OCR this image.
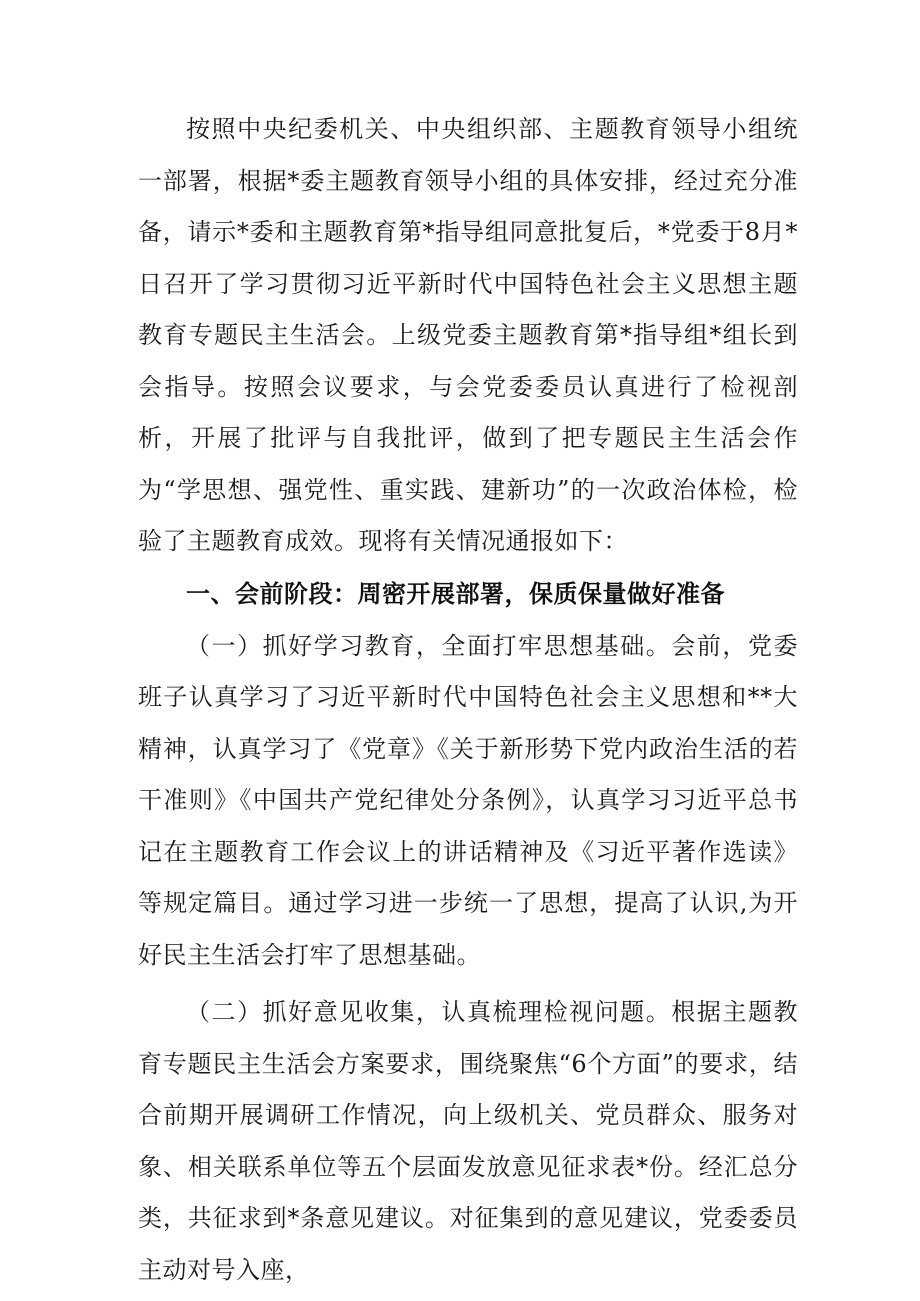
按照中央纪委机关、中央组织部、主题教育领导小组统一部署，根据*委主题教育领导小组的具体安排，经过充分准备，请示*委和主题教育第*指导组同意批复后，*党委于8月*日召开了学习贯彻习近平新时代中国特色社会主义思想主题教育专题民主生活会。上级党委主题教育第*指导组*组长到会指导。按照会议要求，与会党委委员认真进行了检视剖析，开展了批评与自我批评，做到了把专题民主生活会作为“学思想、强党性、重实践、建新功”的一次政治体检，检验了主题教育成效。现将有关情况通报如下：

一、会前阶段：周密开展部署，保质保量做好准备

（一）抓好学习教育，全面打牢思想基础。会前，党委班子认真学习了习近平新时代中国特色社会主义思想和**大精神，认真学习了《党章》《关于新形势下党内政治生活的若干准则》《中国共产党纪律处分条例》，认真学习习近平总书记在主题教育工作会议上的讲话精神及《习近平著作选读》等规定篇目。通过学习进一步统一了思想，提高了认识,为开好民主生活会打牢了思想基础。

（二）抓好意见收集，认真梳理检视问题。根据主题教育专题民主生活会方案要求，围绕聚焦“6个方面”的要求，结合前期开展调研工作情况，向上级机关、党员群众、服务对象、相关联系单位等五个层面发放意见征求表*份。经汇总分类，共征求到*条意见建议。对征集到的意见建议，党委委员主动对号入座，
